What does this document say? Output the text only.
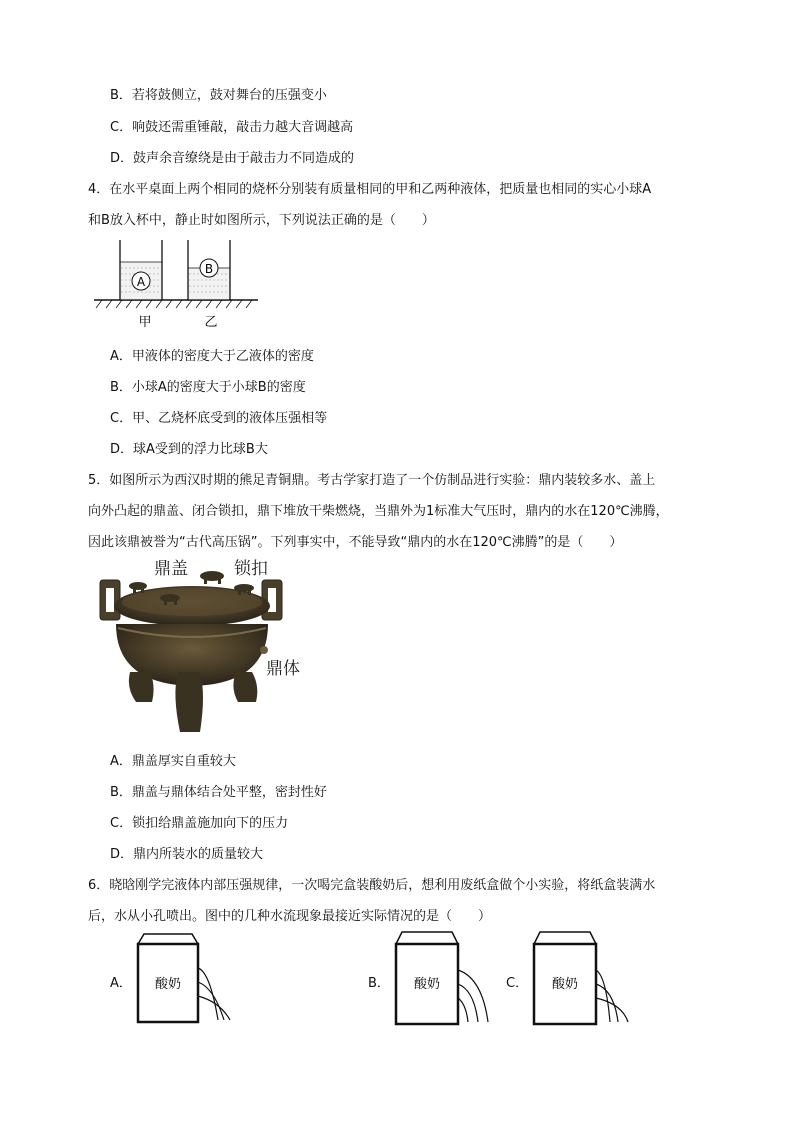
B．若将鼓侧立，鼓对舞台的压强变小
C．响鼓还需重锤敲，敲击力越大音调越高
D．鼓声余音缭绕是由于敲击力不同造成的
4．在水平桌面上两个相同的烧杯分别装有质量相同的甲和乙两种液体，把质量也相同的实心小球A
和B放入杯中，静止时如图所示，下列说法正确的是（　　）
A
B
甲	乙
A．甲液体的密度大于乙液体的密度
B．小球A的密度大于小球B的密度
C．甲、乙烧杯底受到的液体压强相等
D．球A受到的浮力比球B大
5．如图所示为西汉时期的熊足青铜鼎。考古学家打造了一个仿制品进行实验：鼎内装较多水、盖上
向外凸起的鼎盖、闭合锁扣，鼎下堆放干柴燃烧，当鼎外为1标准大气压时，鼎内的水在120℃沸腾，
因此该鼎被誉为“古代高压锅”。下列事实中，不能导致“鼎内的水在120℃沸腾”的是（　　）
鼎盖	锁扣
鼎体
A．鼎盖厚实自重较大
B．鼎盖与鼎体结合处平整，密封性好
C．锁扣给鼎盖施加向下的压力
D．鼎内所装水的质量较大
6．晓晗刚学完液体内部压强规律，一次喝完盒装酸奶后，想利用废纸盒做个小实验，将纸盒装满水
后，水从小孔喷出。图中的几种水流现象最接近实际情况的是（　　）
A． 酸奶	B． 酸奶	C． 酸奶
